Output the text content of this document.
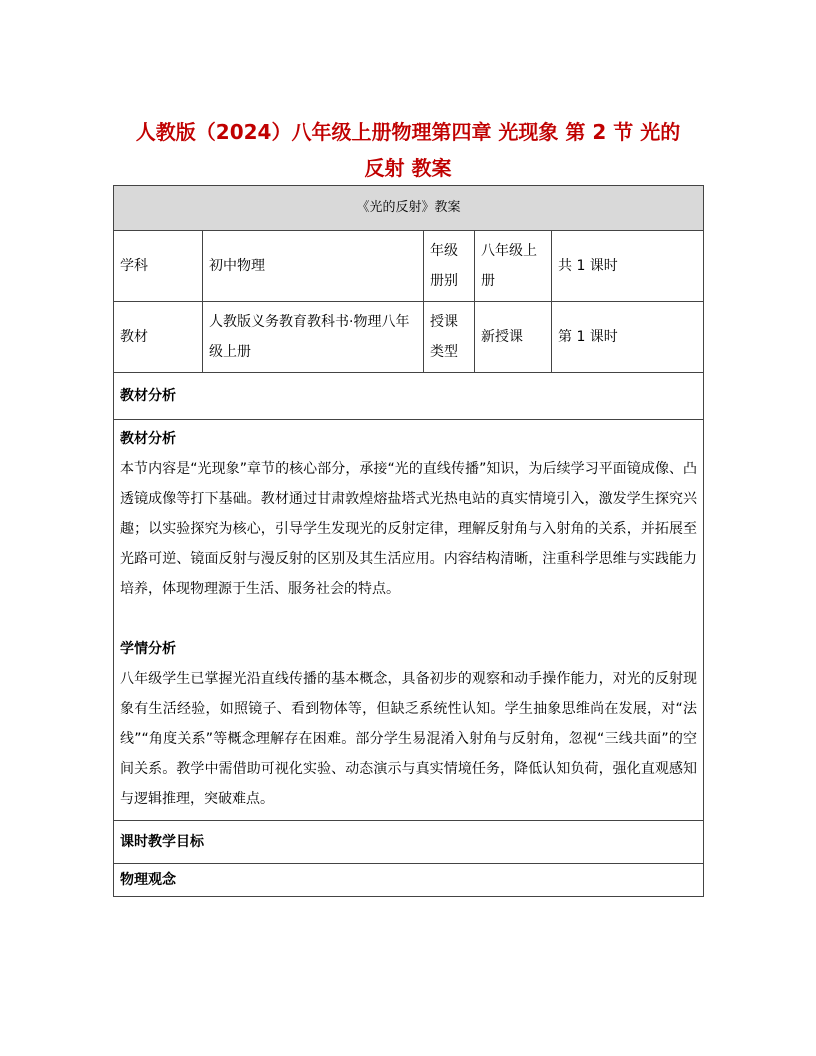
人教版（2024）八年级上册物理第四章 光现象 第 2 节 光的
反射 教案
《光的反射》教案				
学科	初中物理	年级册别	八年级上册	共 1 课时
教材	人教版义务教育教科书·物理八年级上册	授课类型	新授课	第 1 课时
教材分析				

教材分析

本节内容是“光现象”章节的核心部分，承接“光的直线传播”知识，为后续学习平面镜成像、凸透镜成像等打下基础。教材通过甘肃敦煌熔盐塔式光热电站的真实情境引入，激发学生探究兴趣；以实验探究为核心，引导学生发现光的反射定律，理解反射角与入射角的关系，并拓展至光路可逆、镜面反射与漫反射的区别及其生活应用。内容结构清晰，注重科学思维与实践能力培养，体现物理源于生活、服务社会的特点。

学情分析

八年级学生已掌握光沿直线传播的基本概念，具备初步的观察和动手操作能力，对光的反射现象有生活经验，如照镜子、看到物体等，但缺乏系统性认知。学生抽象思维尚在发展，对“法线”“角度关系”等概念理解存在困难。部分学生易混淆入射角与反射角，忽视“三线共面”的空间关系。教学中需借助可视化实验、动态演示与真实情境任务，降低认知负荷，强化直观感知与逻辑推理，突破难点。				

课时教学目标				
物理观念				
